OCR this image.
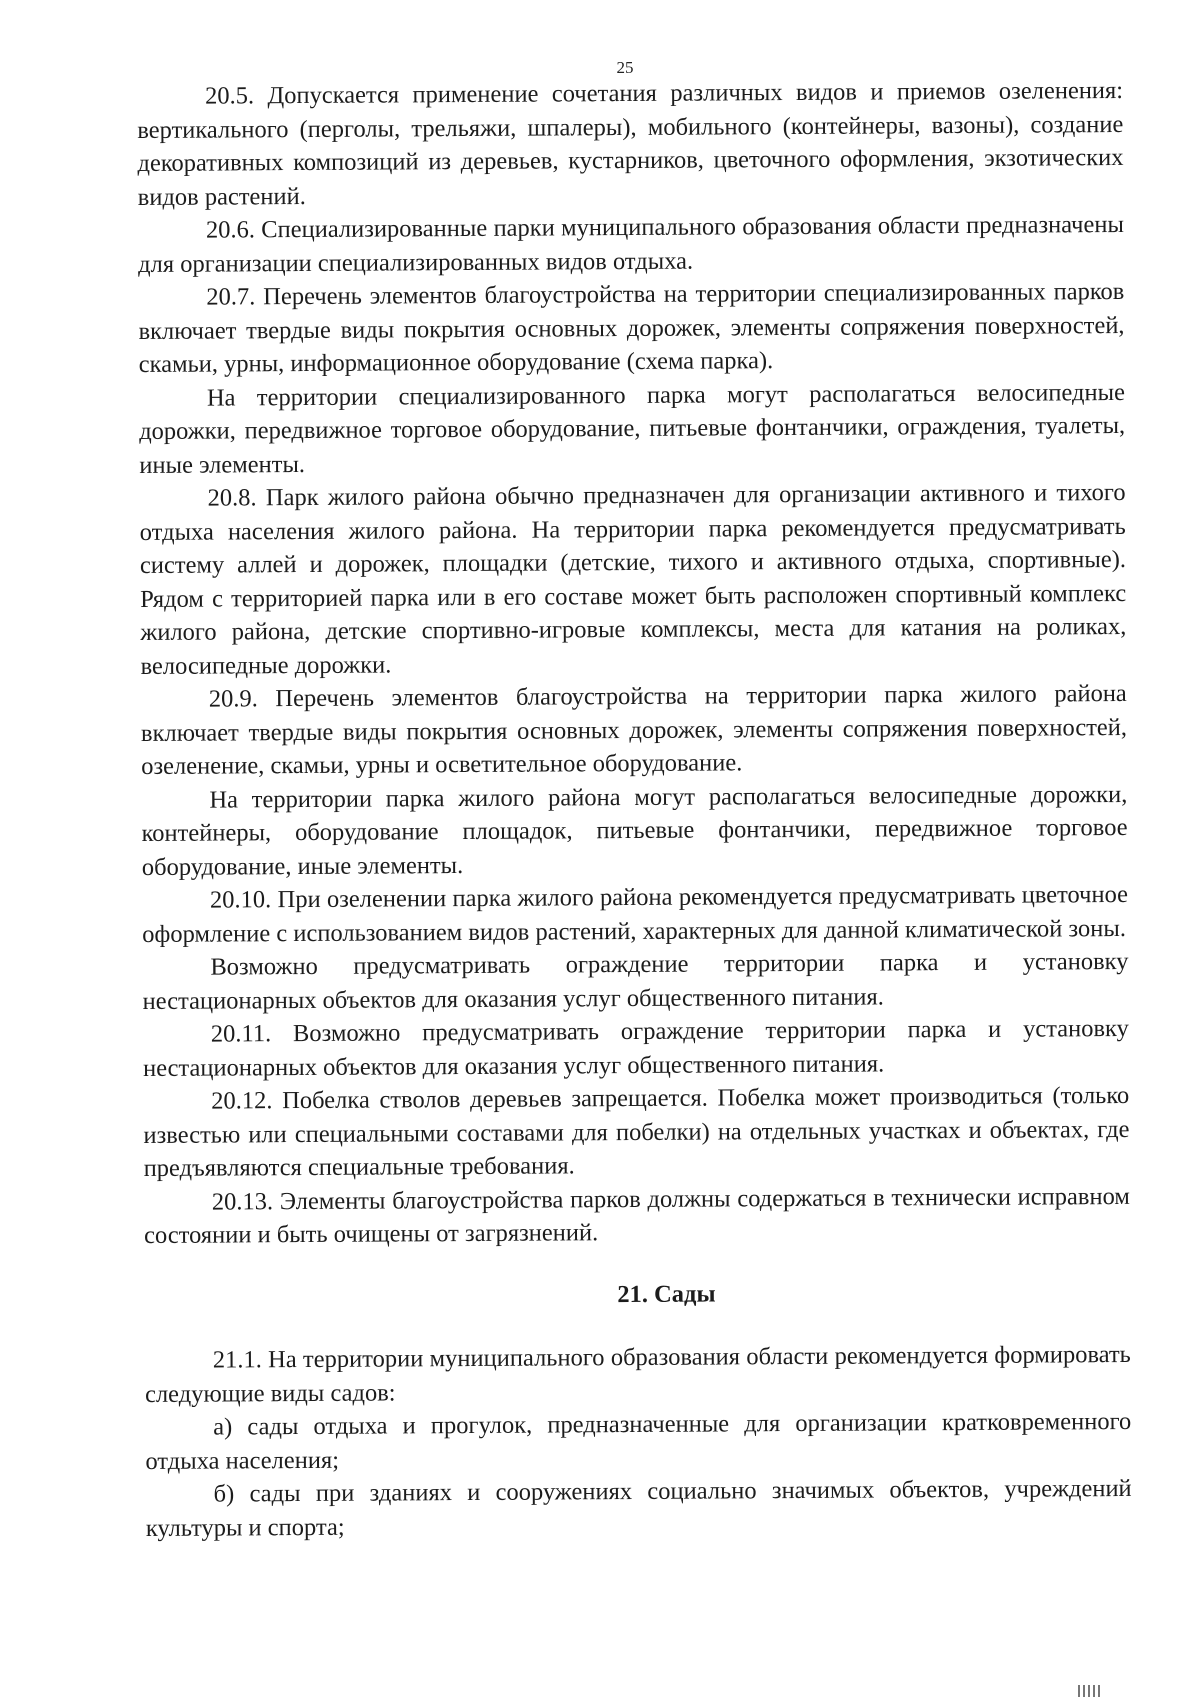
25

20.5. Допускается применение сочетания различных видов и приемов озеленения: вертикального (перголы, трельяжи, шпалеры), мобильного (контейнеры, вазоны), создание декоративных композиций из деревьев, кустарников, цветочного оформления, экзотических видов растений.

20.6. Специализированные парки муниципального образования области предназначены для организации специализированных видов отдыха.

20.7. Перечень элементов благоустройства на территории специализированных парков включает твердые виды покрытия основных дорожек, элементы сопряжения поверхностей, скамьи, урны, информационное оборудование (схема парка).

На территории специализированного парка могут располагаться велосипедные дорожки, передвижное торговое оборудование, питьевые фонтанчики, ограждения, туалеты, иные элементы.

20.8. Парк жилого района обычно предназначен для организации активного и тихого отдыха населения жилого района. На территории парка рекомендуется предусматривать систему аллей и дорожек, площадки (детские, тихого и активного отдыха, спортивные). Рядом с территорией парка или в его составе может быть расположен спортивный комплекс жилого района, детские спортивно-игровые комплексы, места для катания на роликах, велосипедные дорожки.

20.9. Перечень элементов благоустройства на территории парка жилого района включает твердые виды покрытия основных дорожек, элементы сопряжения поверхностей, озеленение, скамьи, урны и осветительное оборудование.

На территории парка жилого района могут располагаться велосипедные дорожки, контейнеры, оборудование площадок, питьевые фонтанчики, передвижное торговое оборудование, иные элементы.

20.10. При озеленении парка жилого района рекомендуется предусматривать цветочное оформление с использованием видов растений, характерных для данной климатической зоны.

Возможно предусматривать ограждение территории парка и установку нестационарных объектов для оказания услуг общественного питания.

20.11. Возможно предусматривать ограждение территории парка и установку нестационарных объектов для оказания услуг общественного питания.

20.12. Побелка стволов деревьев запрещается. Побелка может производиться (только известью или специальными составами для побелки) на отдельных участках и объектах, где предъявляются специальные требования.

20.13. Элементы благоустройства парков должны содержаться в технически исправном состоянии и быть очищены от загрязнений.

21. Сады

21.1. На территории муниципального образования области рекомендуется формировать следующие виды садов:

а) сады отдыха и прогулок, предназначенные для организации кратковременного отдыха населения;

б) сады при зданиях и сооружениях социально значимых объектов, учреждений культуры и спорта;
